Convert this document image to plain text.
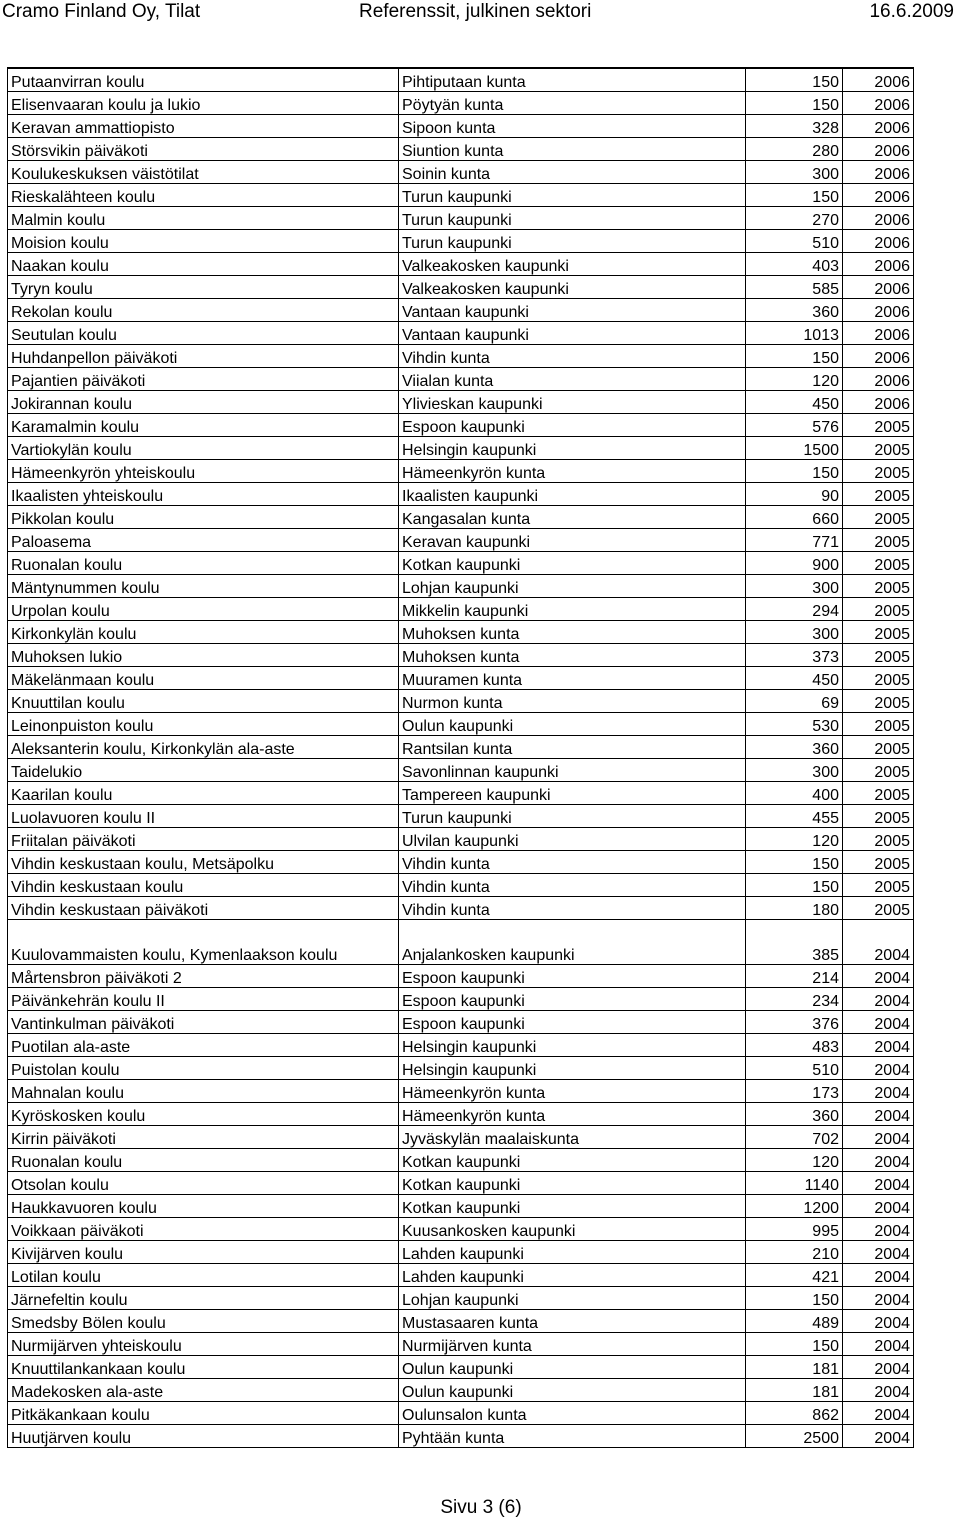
Cramo Finland Oy, Tilat	Referenssit, julkinen sektori	16.6.2009
Putaanvirran koulu	Pihtiputaan kunta	150	2006
Elisenvaaran koulu ja lukio	Pöytyän kunta	150	2006
Keravan ammattiopisto	Sipoon kunta	328	2006
Störsvikin päiväkoti	Siuntion kunta	280	2006
Koulukeskuksen väistötilat	Soinin kunta	300	2006
Rieskalähteen koulu	Turun kaupunki	150	2006
Malmin koulu	Turun kaupunki	270	2006
Moision koulu	Turun kaupunki	510	2006
Naakan koulu	Valkeakosken kaupunki	403	2006
Tyryn koulu	Valkeakosken kaupunki	585	2006
Rekolan koulu	Vantaan kaupunki	360	2006
Seutulan koulu	Vantaan kaupunki	1013	2006
Huhdanpellon päiväkoti	Vihdin kunta	150	2006
Pajantien päiväkoti	Viialan kunta	120	2006
Jokirannan koulu	Ylivieskan kaupunki	450	2006
Karamalmin koulu	Espoon kaupunki	576	2005
Vartiokylän koulu	Helsingin kaupunki	1500	2005
Hämeenkyrön yhteiskoulu	Hämeenkyrön kunta	150	2005
Ikaalisten yhteiskoulu	Ikaalisten kaupunki	90	2005
Pikkolan koulu	Kangasalan kunta	660	2005
Paloasema	Keravan kaupunki	771	2005
Ruonalan koulu	Kotkan kaupunki	900	2005
Mäntynummen koulu	Lohjan kaupunki	300	2005
Urpolan koulu	Mikkelin kaupunki	294	2005
Kirkonkylän koulu	Muhoksen kunta	300	2005
Muhoksen lukio	Muhoksen kunta	373	2005
Mäkelänmaan koulu	Muuramen kunta	450	2005
Knuuttilan koulu	Nurmon kunta	69	2005
Leinonpuiston koulu	Oulun kaupunki	530	2005
Aleksanterin koulu, Kirkonkylän ala-aste	Rantsilan kunta	360	2005
Taidelukio	Savonlinnan kaupunki	300	2005
Kaarilan koulu	Tampereen kaupunki	400	2005
Luolavuoren koulu II	Turun kaupunki	455	2005
Friitalan päiväkoti	Ulvilan kaupunki	120	2005
Vihdin keskustaan koulu, Metsäpolku	Vihdin kunta	150	2005
Vihdin keskustaan koulu	Vihdin kunta	150	2005
Vihdin keskustaan päiväkoti	Vihdin kunta	180	2005
Kuulovammaisten koulu, Kymenlaakson koulu	Anjalankosken kaupunki	385	2004
Mårtensbron päiväkoti 2	Espoon kaupunki	214	2004
Päivänkehrän koulu II	Espoon kaupunki	234	2004
Vantinkulman päiväkoti	Espoon kaupunki	376	2004
Puotilan ala-aste	Helsingin kaupunki	483	2004
Puistolan koulu	Helsingin kaupunki	510	2004
Mahnalan koulu	Hämeenkyrön kunta	173	2004
Kyröskosken koulu	Hämeenkyrön kunta	360	2004
Kirrin päiväkoti	Jyväskylän maalaiskunta	702	2004
Ruonalan koulu	Kotkan kaupunki	120	2004
Otsolan koulu	Kotkan kaupunki	1140	2004
Haukkavuoren koulu	Kotkan kaupunki	1200	2004
Voikkaan päiväkoti	Kuusankosken kaupunki	995	2004
Kivijärven koulu	Lahden kaupunki	210	2004
Lotilan koulu	Lahden kaupunki	421	2004
Järnefeltin koulu	Lohjan kaupunki	150	2004
Smedsby Bölen koulu	Mustasaaren kunta	489	2004
Nurmijärven yhteiskoulu	Nurmijärven kunta	150	2004
Knuuttilankankaan koulu	Oulun kaupunki	181	2004
Madekosken ala-aste	Oulun kaupunki	181	2004
Pitkäkankaan koulu	Oulunsalon kunta	862	2004
Huutjärven koulu	Pyhtään kunta	2500	2004
Sivu 3 (6)
